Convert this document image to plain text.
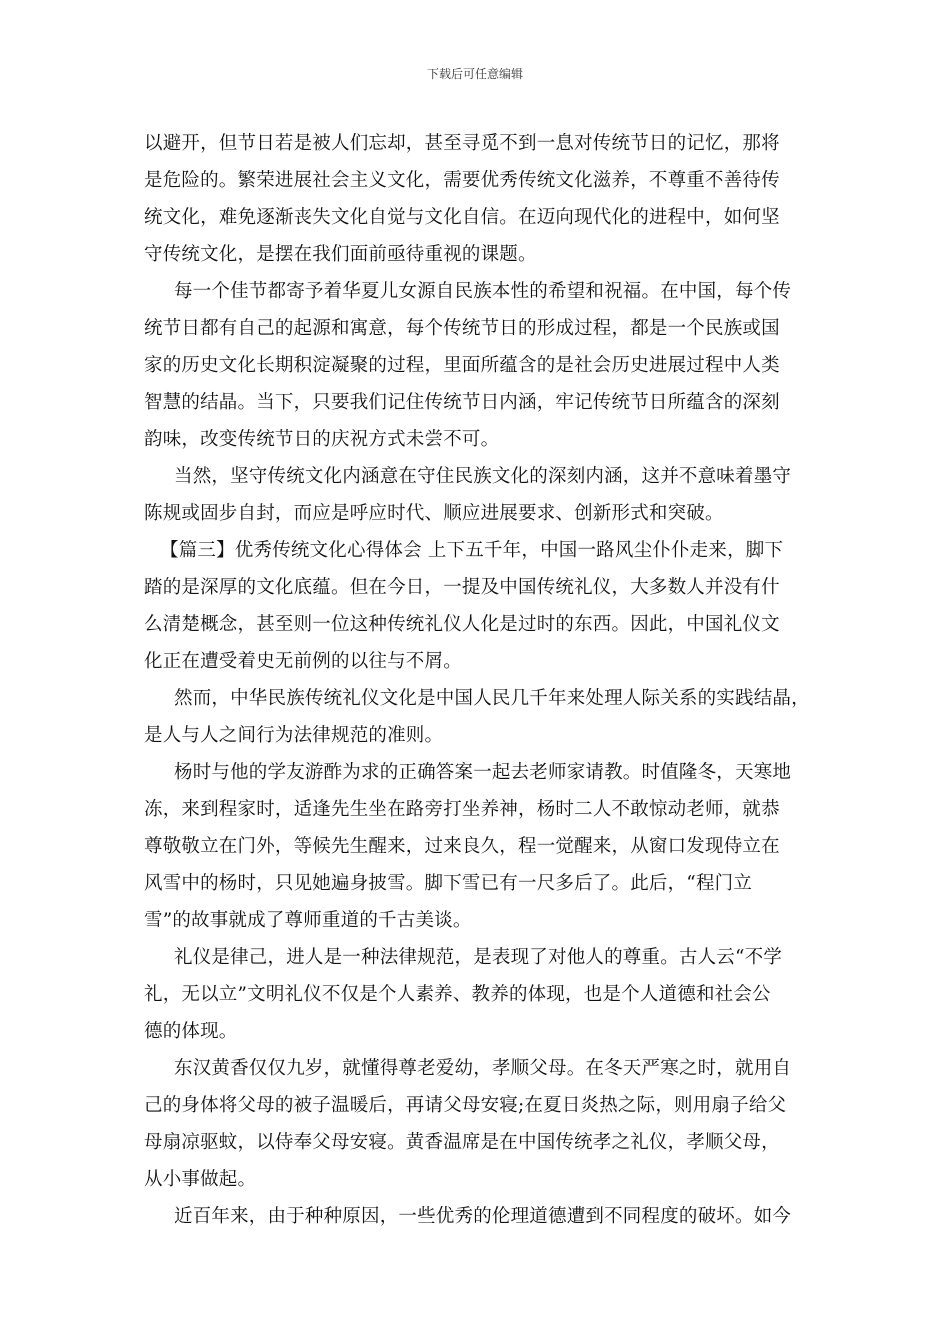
下载后可任意编辑
以避开，但节日若是被人们忘却，甚至寻觅不到一息对传统节日的记忆，那将
是危险的。繁荣进展社会主义文化，需要优秀传统文化滋养，不尊重不善待传
统文化，难免逐渐丧失文化自觉与文化自信。在迈向现代化的进程中，如何坚
守传统文化，是摆在我们面前亟待重视的课题。
每一个佳节都寄予着华夏儿女源自民族本性的希望和祝福。在中国，每个传
统节日都有自己的起源和寓意，每个传统节日的形成过程，都是一个民族或国
家的历史文化长期积淀凝聚的过程，里面所蕴含的是社会历史进展过程中人类
智慧的结晶。当下，只要我们记住传统节日内涵，牢记传统节日所蕴含的深刻
韵味，改变传统节日的庆祝方式未尝不可。
当然，坚守传统文化内涵意在守住民族文化的深刻内涵，这并不意味着墨守
陈规或固步自封，而应是呼应时代、顺应进展要求、创新形式和突破。
【篇三】优秀传统文化心得体会 上下五千年，中国一路风尘仆仆走来，脚下
踏的是深厚的文化底蕴。但在今日，一提及中国传统礼仪，大多数人并没有什
么清楚概念，甚至则一位这种传统礼仪人化是过时的东西。因此，中国礼仪文
化正在遭受着史无前例的以往与不屑。
然而，中华民族传统礼仪文化是中国人民几千年来处理人际关系的实践结晶，
是人与人之间行为法律规范的准则。
杨时与他的学友游酢为求的正确答案一起去老师家请教。时值隆冬，天寒地
冻，来到程家时，适逢先生坐在路旁打坐养神，杨时二人不敢惊动老师，就恭
尊敬敬立在门外，等候先生醒来，过来良久，程一觉醒来，从窗口发现侍立在
风雪中的杨时，只见她遍身披雪。脚下雪已有一尺多后了。此后，“程门立
雪”的故事就成了尊师重道的千古美谈。
礼仪是律己，进人是一种法律规范，是表现了对他人的尊重。古人云“不学
礼，无以立”文明礼仪不仅是个人素养、教养的体现，也是个人道德和社会公
德的体现。
东汉黄香仅仅九岁，就懂得尊老爱幼，孝顺父母。在冬天严寒之时，就用自
己的身体将父母的被子温暖后，再请父母安寝;在夏日炎热之际，则用扇子给父
母扇凉驱蚊，以侍奉父母安寝。黄香温席是在中国传统孝之礼仪，孝顺父母，
从小事做起。
近百年来，由于种种原因，一些优秀的伦理道德遭到不同程度的破坏。如今
